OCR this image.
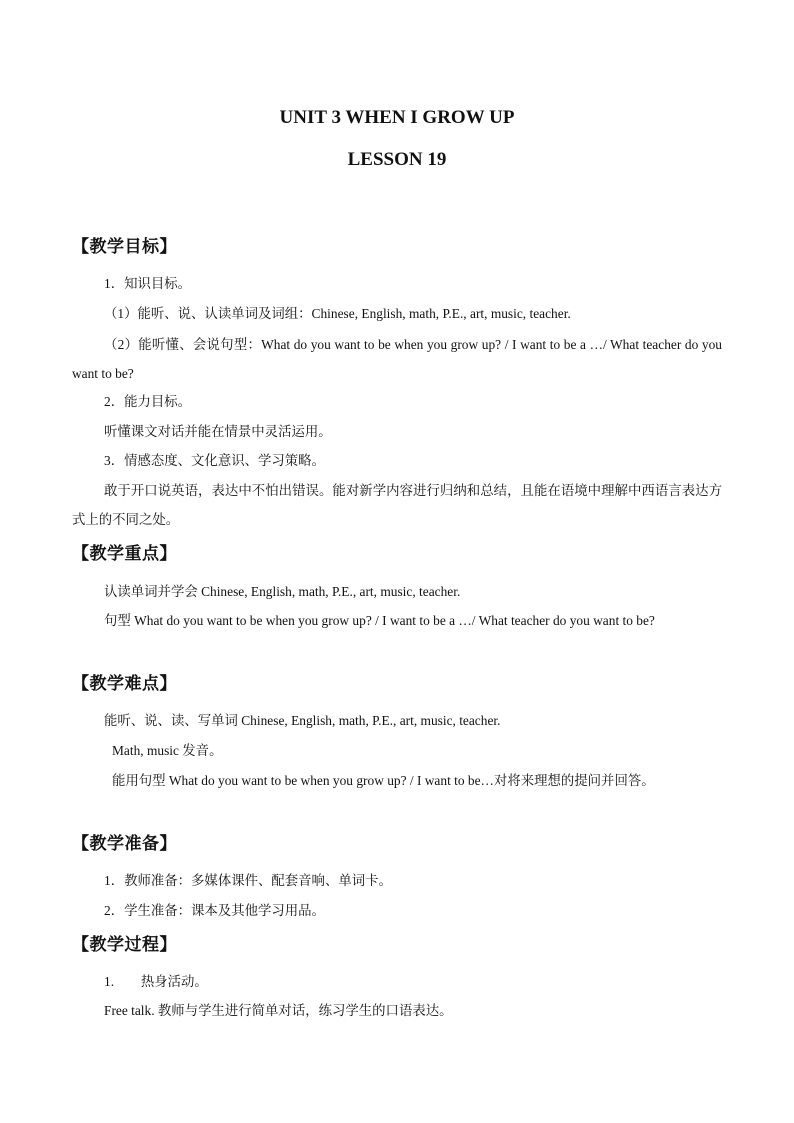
UNIT 3 WHEN I GROW UP
LESSON 19
【教学目标】
1．知识目标。
（1）能听、说、认读单词及词组：Chinese, English, math, P.E., art, music, teacher.
（2）能听懂、会说句型：What do you want to be when you grow up? / I want to be a …/ What teacher do you want to be?
2．能力目标。
听懂课文对话并能在情景中灵活运用。
3．情感态度、文化意识、学习策略。
敢于开口说英语，表达中不怕出错误。能对新学内容进行归纳和总结，且能在语境中理解中西语言表达方式上的不同之处。
【教学重点】
认读单词并学会 Chinese, English, math, P.E., art, music, teacher.
句型 What do you want to be when you grow up? / I want to be a …/ What teacher do you want to be?
【教学难点】
能听、说、读、写单词 Chinese, English, math, P.E., art, music, teacher.
Math, music 发音。
能用句型 What do you want to be when you grow up? / I want to be…对将来理想的提问并回答。
【教学准备】
1．教师准备：多媒体课件、配套音响、单词卡。
2．学生准备：课本及其他学习用品。
【教学过程】
1.        热身活动。
Free talk. 教师与学生进行简单对话，练习学生的口语表达。
